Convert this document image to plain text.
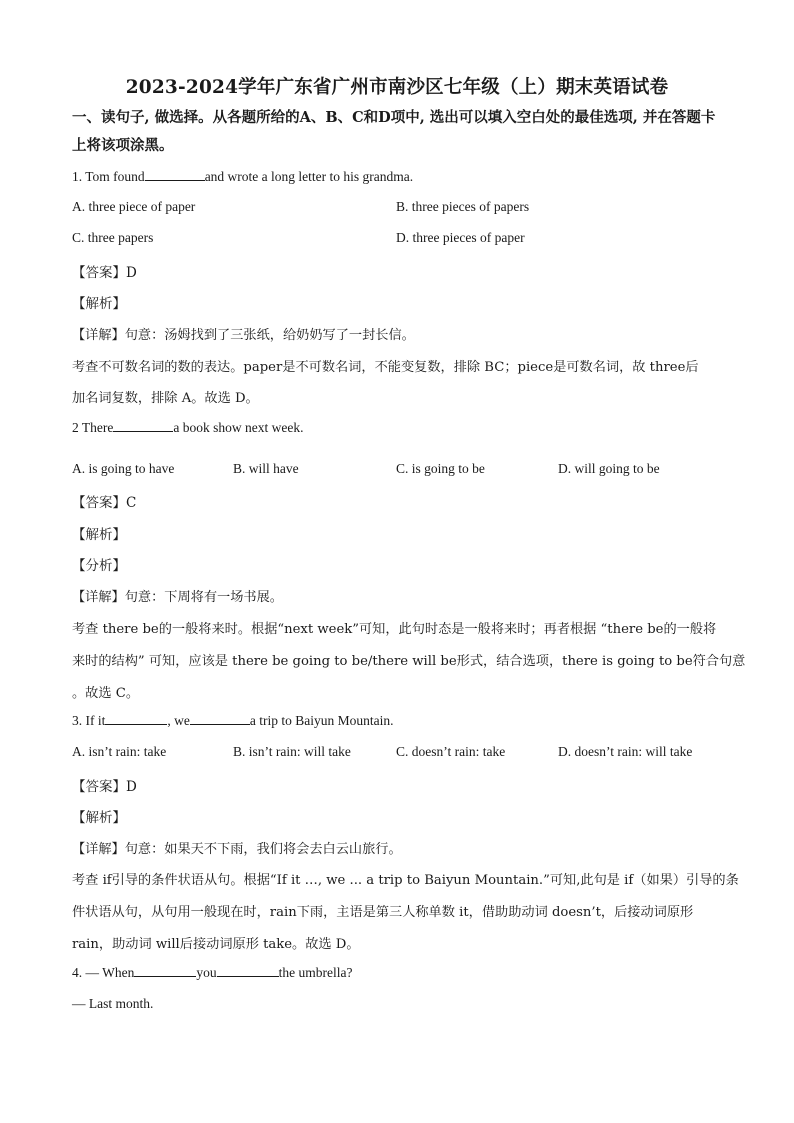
2023-2024学年广东省广州市南沙区七年级（上）期末英语试卷
一、读句子, 做选择。从各题所给的A、B、C和D项中, 选出可以填入空白处的最佳选项, 并在答题卡上将该项涂黑。
1. Tom found	and wrote a long letter to his grandma.
A. three piece of paper	B. three pieces of papers
C. three papers	D. three pieces of paper
【答案】D
【解析】
【详解】句意：汤姆找到了三张纸，给奶奶写了一封长信。
考查不可数名词的数的表达。paper是不可数名词，不能变复数，排除 BC；piece是可数名词，故 three后
加名词复数，排除 A。故选 D。
2 There	a book show next week.
A. is going to have	B. will have	C. is going to be	D. will going to be
【答案】C
【解析】
【分析】
【详解】句意：下周将有一场书展。
考查 there be的一般将来时。根据“next week”可知，此句时态是一般将来时；再者根据 “there be的一般将
来时的结构” 可知，应该是 there be going to be/there will be形式，结合选项，there is going to be符合句意
。故选 C。
3. If it	, we	a trip to Baiyun Mountain.
A. isn’t rain: take	B. isn’t rain: will take	C. doesn’t rain: take	D. doesn’t rain: will take
【答案】D
【解析】
【详解】句意：如果天不下雨，我们将会去白云山旅行。
考查 if引导的条件状语从句。根据“If it …, we ... a trip to Baiyun Mountain.”可知,此句是 if（如果）引导的条
件状语从句，从句用一般现在时，rain下雨，主语是第三人称单数 it，借助助动词 doesn’t，后接动词原形
rain，助动词 will后接动词原形 take。故选 D。
4. — When	you	the umbrella?
— Last month.
